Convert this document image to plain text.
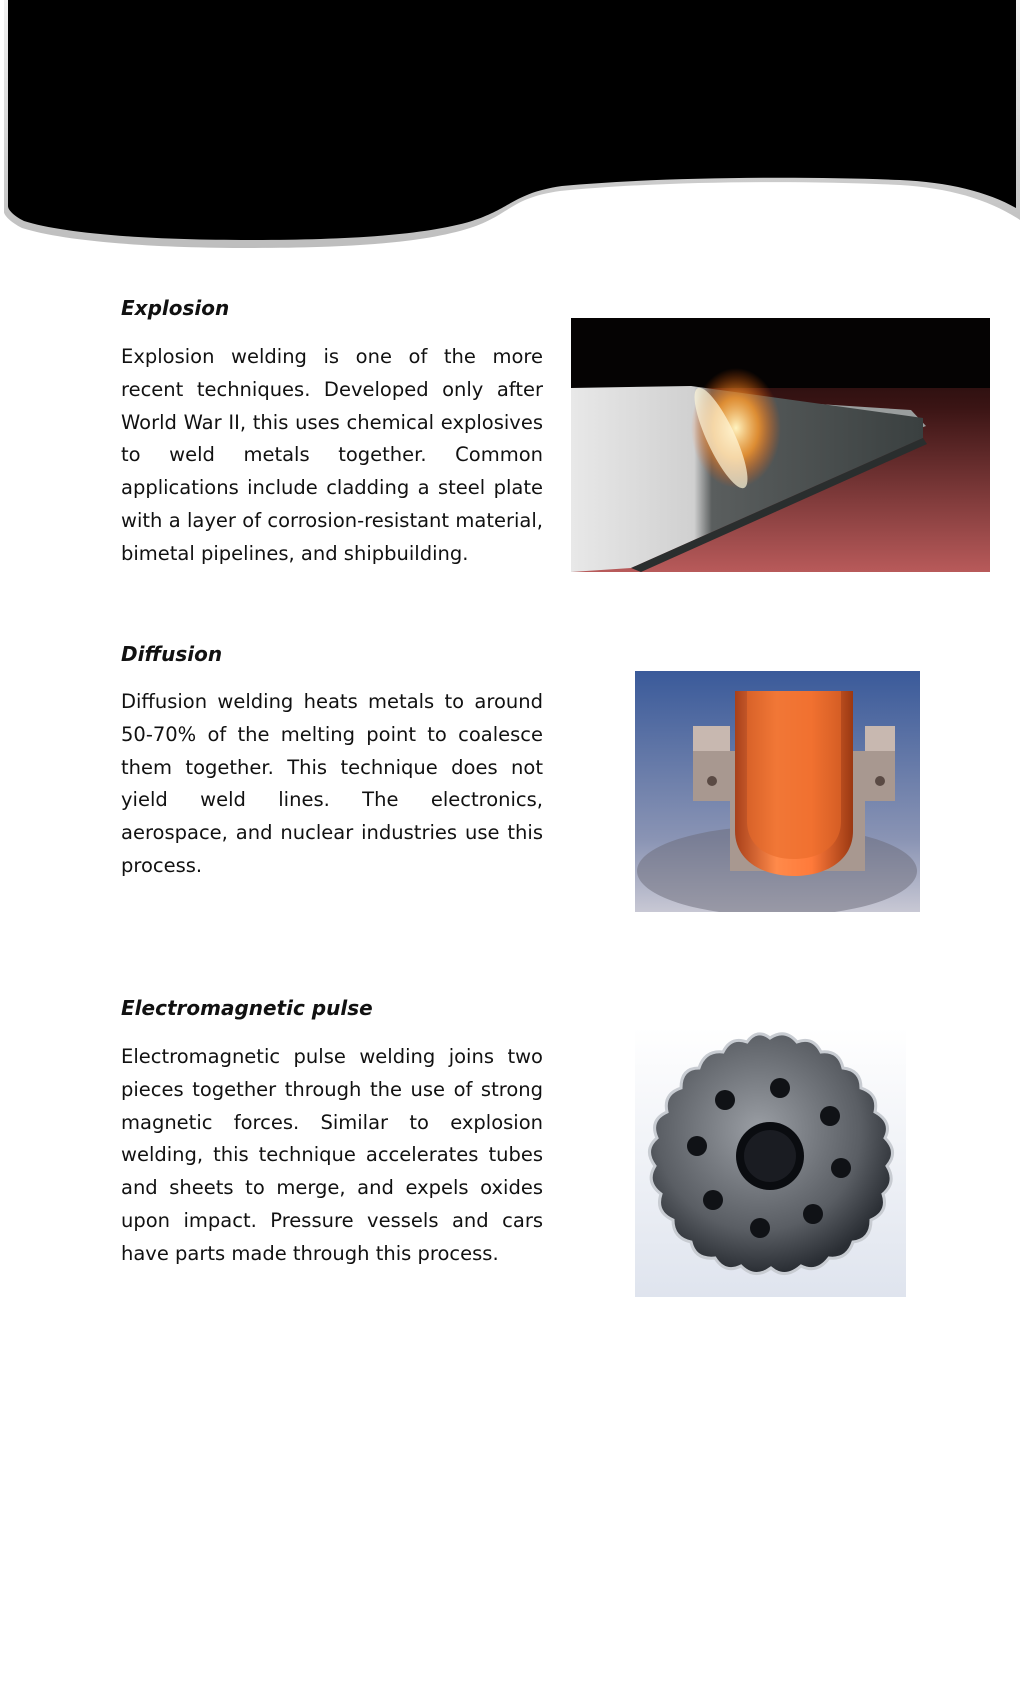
Explosion

Explosion welding is one of the more recent techniques. Developed only after World War II, this uses chemical explosives to weld metals together. Common applications include cladding a steel plate with a layer of corrosion-resistant material, bimetal pipelines, and shipbuilding.

Diffusion

Diffusion welding heats metals to around 50-70% of the melting point to coalesce them together. This technique does not yield weld lines. The electronics, aerospace, and nuclear industries use this process.

Electromagnetic pulse

Electromagnetic pulse welding joins two pieces together through the use of strong magnetic forces. Similar to explosion welding, this technique accelerates tubes and sheets to merge, and expels oxides upon impact. Pressure vessels and cars have parts made through this process.
